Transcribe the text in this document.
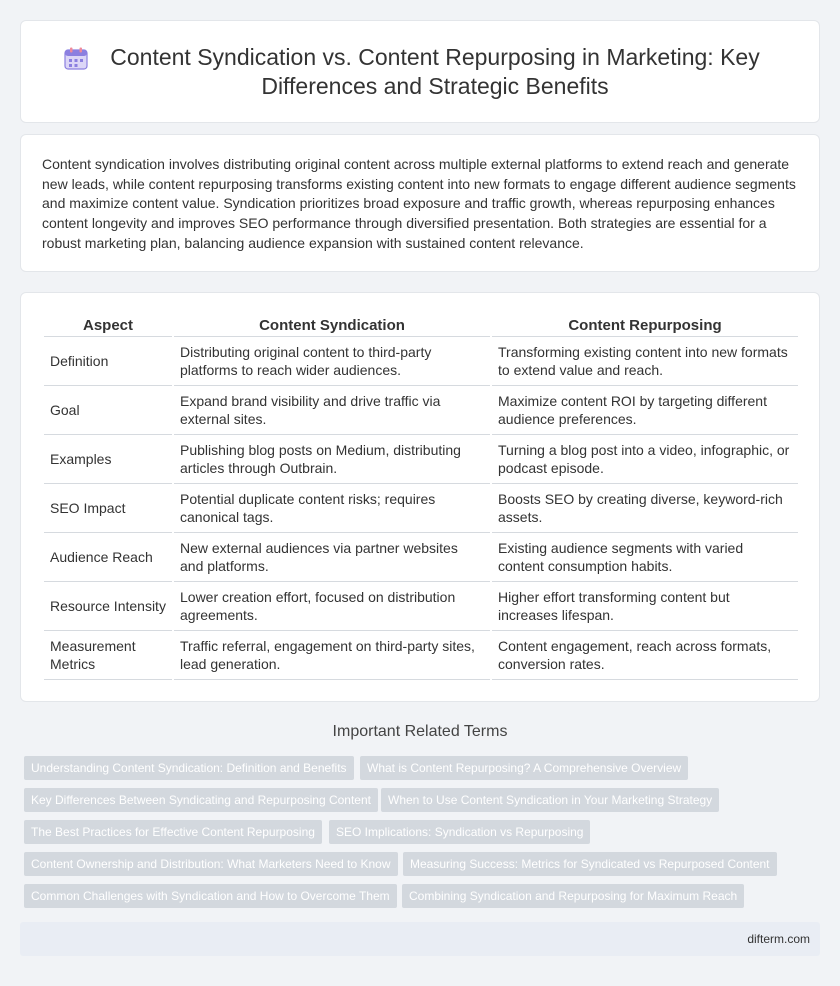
Content Syndication vs. Content Repurposing in Marketing: Key Differences and Strategic Benefits

Content syndication involves distributing original content across multiple external platforms to extend reach and generate new leads, while content repurposing transforms existing content into new formats to engage different audience segments and maximize content value. Syndication prioritizes broad exposure and traffic growth, whereas repurposing enhances content longevity and improves SEO performance through diversified presentation. Both strategies are essential for a robust marketing plan, balancing audience expansion with sustained content relevance.

Aspect	Content Syndication	Content Repurposing
Definition	Distributing original content to third-party platforms to reach wider audiences.	Transforming existing content into new formats to extend value and reach.
Goal	Expand brand visibility and drive traffic via external sites.	Maximize content ROI by targeting different audience preferences.
Examples	Publishing blog posts on Medium, distributing articles through Outbrain.	Turning a blog post into a video, infographic, or podcast episode.
SEO Impact	Potential duplicate content risks; requires canonical tags.	Boosts SEO by creating diverse, keyword-rich assets.
Audience Reach	New external audiences via partner websites and platforms.	Existing audience segments with varied content consumption habits.
Resource Intensity	Lower creation effort, focused on distribution agreements.	Higher effort transforming content but increases lifespan.
Measurement Metrics	Traffic referral, engagement on third-party sites, lead generation.	Content engagement, reach across formats, conversion rates.
Important Related Terms
Understanding Content Syndication: Definition and Benefits	What is Content Repurposing? A Comprehensive Overview
Key Differences Between Syndicating and Repurposing Content	When to Use Content Syndication in Your Marketing Strategy
The Best Practices for Effective Content Repurposing	SEO Implications: Syndication vs Repurposing
Content Ownership and Distribution: What Marketers Need to Know	Measuring Success: Metrics for Syndicated vs Repurposed Content
Common Challenges with Syndication and How to Overcome Them	Combining Syndication and Repurposing for Maximum Reach
difterm.com
